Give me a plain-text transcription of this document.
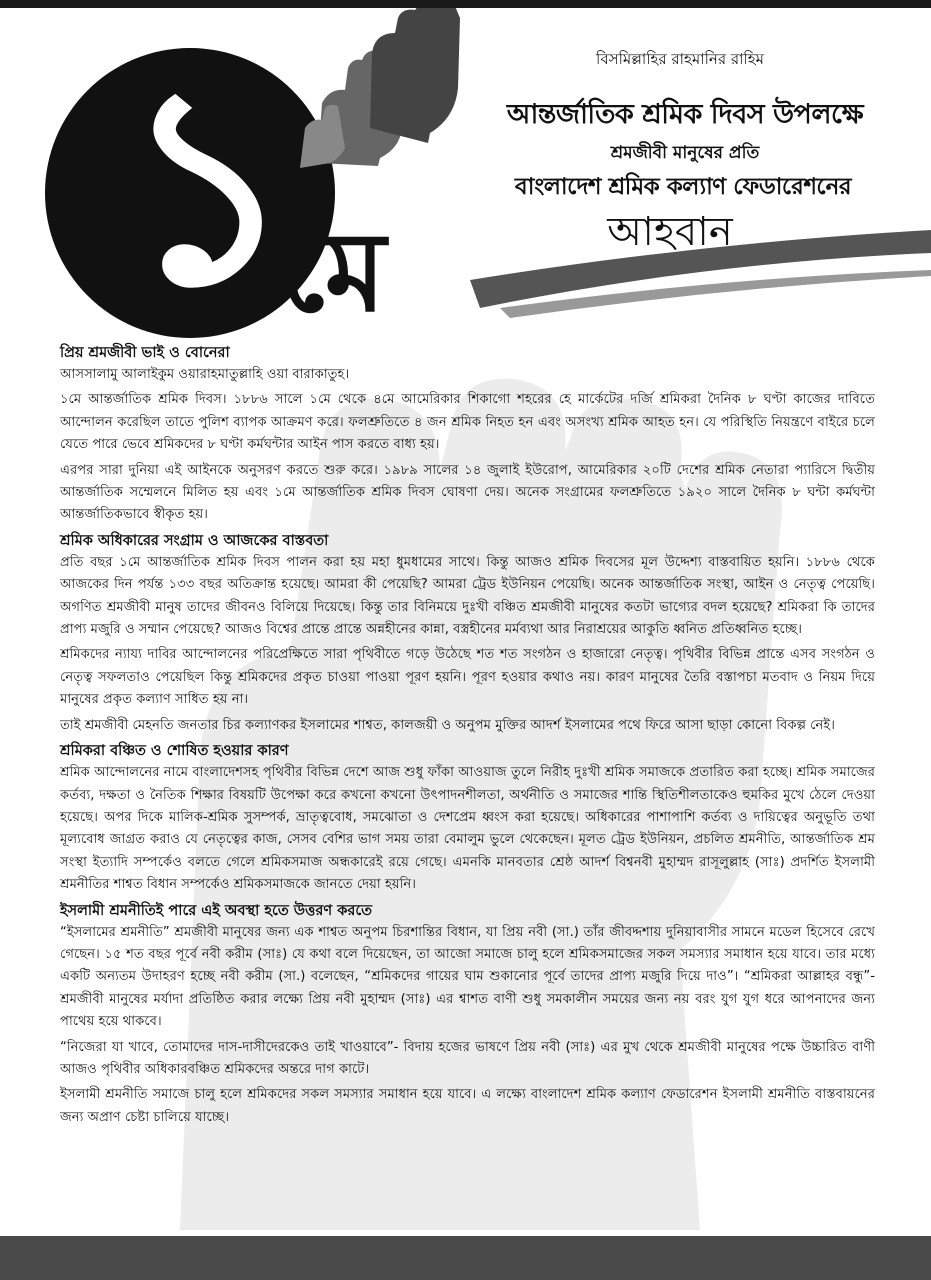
১
মে
বিসমিল্লাহির রাহমানির রাহিম
আন্তর্জাতিক শ্রমিক দিবস উপলক্ষে
শ্রমজীবী মানুষের প্রতি
বাংলাদেশ শ্রমিক কল্যাণ ফেডারেশনের
আহবান
প্রিয় শ্রমজীবী ভাই ও বোনেরা

আসসালামু আলাইকুম ওয়ারাহমাতুল্লাহি ওয়া বারাকাতুহ।

১মে আন্তর্জাতিক শ্রমিক দিবস। ১৮৮৬ সালে ১মে থেকে ৪মে আমেরিকার শিকাগো শহরের হে মার্কেটের দর্জি শ্রমিকরা দৈনিক ৮ ঘণ্টা কাজের দাবিতে আন্দোলন করেছিল তাতে পুলিশ ব্যাপক আক্রমণ করে। ফলশ্রুতিতে ৪ জন শ্রমিক নিহত হন এবং অসংখ্য শ্রমিক আহত হন। যে পরিস্থিতি নিয়ন্ত্রণে বাইরে চলে যেতে পারে ভেবে শ্রমিকদের ৮ ঘণ্টা কর্মঘন্টার আইন পাস করতে বাধ্য হয়।

এরপর সারা দুনিয়া এই আইনকে অনুসরণ করতে শুরু করে। ১৯৮৯ সালের ১৪ জুলাই ইউরোপ, আমেরিকার ২০টি দেশের শ্রমিক নেতারা প্যারিসে দ্বিতীয় আন্তর্জাতিক সম্মেলনে মিলিত হয় এবং ১মে আন্তর্জাতিক শ্রমিক দিবস ঘোষণা দেয়। অনেক সংগ্রামের ফলশ্রুতিতে ১৯২০ সালে দৈনিক ৮ ঘন্টা কর্মঘন্টা আন্তর্জাতিকভাবে স্বীকৃত হয়।

শ্রমিক অধিকারের সংগ্রাম ও আজকের বাস্তবতা

প্রতি বছর ১মে আন্তর্জাতিক শ্রমিক দিবস পালন করা হয় মহা ধুমধামের সাথে। কিন্তু আজও শ্রমিক দিবসের মূল উদ্দেশ্য বাস্তবায়িত হয়নি। ১৮৮৬ থেকে আজকের দিন পর্যন্ত ১৩৩ বছর অতিক্রান্ত হয়েছে। আমরা কী পেয়েছি? আমরা ট্রেড ইউনিয়ন পেয়েছি। অনেক আন্তর্জাতিক সংস্থা, আইন ও নেতৃত্ব পেয়েছি। অগণিত শ্রমজীবী মানুষ তাদের জীবনও বিলিয়ে দিয়েছে। কিন্তু তার বিনিময়ে দুঃখী বঞ্চিত শ্রমজীবী মানুষের কতটা ভাগ্যের বদল হয়েছে? শ্রমিকরা কি তাদের প্রাপ্য মজুরি ও সম্মান পেয়েছে? আজও বিশ্বের প্রান্তে প্রান্তে অন্নহীনের কান্না, বস্ত্রহীনের মর্মব্যথা আর নিরাশ্রয়ের আকুতি ধ্বনিত প্রতিধ্বনিত হচ্ছে।

শ্রমিকদের ন্যায্য দাবির আন্দোলনের পরিপ্রেক্ষিতে সারা পৃথিবীতে গড়ে উঠেছে শত শত সংগঠন ও হাজারো নেতৃত্ব। পৃথিবীর বিভিন্ন প্রান্তে এসব সংগঠন ও নেতৃত্ব সফলতাও পেয়েছিল কিন্তু শ্রমিকদের প্রকৃত চাওয়া পাওয়া পূরণ হয়নি। পূরণ হওয়ার কথাও নয়। কারণ মানুষের তৈরি বস্তাপচা মতবাদ ও নিয়ম দিয়ে মানুষের প্রকৃত কল্যাণ সাধিত হয় না।

তাই শ্রমজীবী মেহনতি জনতার চির কল্যাণকর ইসলামের শাশ্বত, কালজয়ী ও অনুপম মুক্তির আদর্শ ইসলামের পথে ফিরে আসা ছাড়া কোনো বিকল্প নেই।

শ্রমিকরা বঞ্চিত ও শোষিত হওয়ার কারণ

শ্রমিক আন্দোলনের নামে বাংলাদেশসহ পৃথিবীর বিভিন্ন দেশে আজ শুধু ফাঁকা আওয়াজ তুলে নিরীহ দুঃখী শ্রমিক সমাজকে প্রতারিত করা হচ্ছে। শ্রমিক সমাজের কর্তব্য, দক্ষতা ও নৈতিক শিক্ষার বিষয়টি উপেক্ষা করে কখনো কখনো উৎপাদনশীলতা, অর্থনীতি ও সমাজের শান্তি স্থিতিশীলতাকেও হুমকির মুখে ঠেলে দেওয়া হয়েছে। অপর দিকে মালিক-শ্রমিক সুসম্পর্ক, ভ্রাতৃত্ববোধ, সমঝোতা ও দেশপ্রেম ধ্বংস করা হয়েছে। অধিকারের পাশাপাশি কর্তব্য ও দায়িত্বের অনুভূতি তথা মূল্যবোধ জাগ্রত করাও যে নেতৃত্বের কাজ, সেসব বেশির ভাগ সময় তারা বেমালুম ভুলে থেকেছেন। মূলত ট্রেড ইউনিয়ন, প্রচলিত শ্রমনীতি, আন্তর্জাতিক শ্রম সংস্থা ইত্যাদি সম্পর্কেও বলতে গেলে শ্রমিকসমাজ অন্ধকারেই রয়ে গেছে। এমনকি মানবতার শ্রেষ্ঠ আদর্শ বিশ্বনবী মুহাম্মদ রাসূলুল্লাহ (সাঃ) প্রদর্শিত ইসলামী শ্রমনীতির শাশ্বত বিধান সম্পর্কেও শ্রমিকসমাজকে জানতে দেয়া হয়নি।

ইসলামী শ্রমনীতিই পারে এই অবস্থা হতে উত্তরণ করতে

“ইসলামের শ্রমনীতি” শ্রমজীবী মানুষের জন্য এক শাশ্বত অনুপম চিরশান্তির বিধান, যা প্রিয় নবী (সা.) তাঁর জীবদ্দশায় দুনিয়াবাসীর সামনে মডেল হিসেবে রেখে গেছেন। ১৫ শত বছর পূর্বে নবী করীম (সাঃ) যে কথা বলে দিয়েছেন, তা আজো সমাজে চালু হলে শ্রমিকসমাজের সকল সমস্যার সমাধান হয়ে যাবে। তার মধ্যে একটি অন্যতম উদাহরণ হচ্ছে নবী করীম (সা.) বলেছেন, “শ্রমিকদের গায়ের ঘাম শুকানোর পূর্বে তাদের প্রাপ্য মজুরি দিয়ে দাও”। “শ্রমিকরা আল্লাহর বন্ধু”-শ্রমজীবী মানুষের মর্যাদা প্রতিষ্ঠিত করার লক্ষ্যে প্রিয় নবী মুহাম্মদ (সাঃ) এর শ্বাশত বাণী শুধু সমকালীন সময়ের জন্য নয় বরং যুগ যুগ ধরে আপনাদের জন্য পাথেয় হয়ে থাকবে।

“নিজেরা যা খাবে, তোমাদের দাস-দাসীদেরকেও তাই খাওয়াবে”- বিদায় হজের ভাষণে প্রিয় নবী (সাঃ) এর মুখ থেকে শ্রমজীবী মানুষের পক্ষে উচ্চারিত বাণী আজও পৃথিবীর অধিকারবঞ্চিত শ্রমিকদের অন্তরে দাগ কাটে।

ইসলামী শ্রমনীতি সমাজে চালু হলে শ্রমিকদের সকল সমস্যার সমাধান হয়ে যাবে। এ লক্ষ্যে বাংলাদেশ শ্রমিক কল্যাণ ফেডারেশন ইসলামী শ্রমনীতি বাস্তবায়নের জন্য অপ্রাণ চেষ্টা চালিয়ে যাচ্ছে।
